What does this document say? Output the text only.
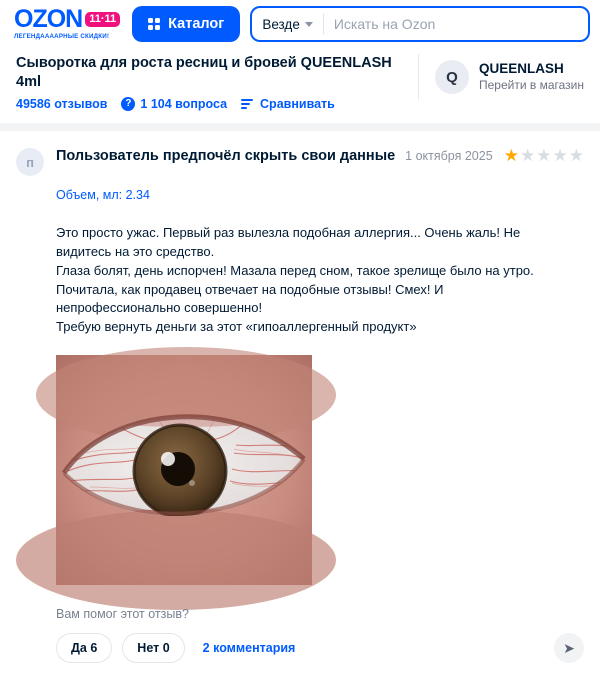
OZON 11·11
ЛЕГЕНДААААРНЫЕ СКИДКИ!
Каталог	Везде
Искать на Ozon
Сыворотка для роста ресниц и бровей QUEENLASH 4ml
49586 отзывов	? 1 104 вопроса	Сравнивать
Q
QUEENLASH
Перейти в магазин
п	Пользователь предпочёл скрыть свои данные 1 октября 2025 ★ ★ ★ ★ ★
Объем, мл: 2.34

Это просто ужас. Первый раз вылезла подобная аллергия... Очень жаль! Не видитесь на это средство.

Глаза болят, день испорчен! Мазала перед сном, такое зрелище было на утро.

Почитала, как продавец отвечает на подобные отзывы! Смех! И непрофессионально совершенно!

Требую вернуть деньги за этот «гипоаллергенный продукт»

Вам помог этот отзыв?
Да 6	Нет 0	2 комментария	➤
